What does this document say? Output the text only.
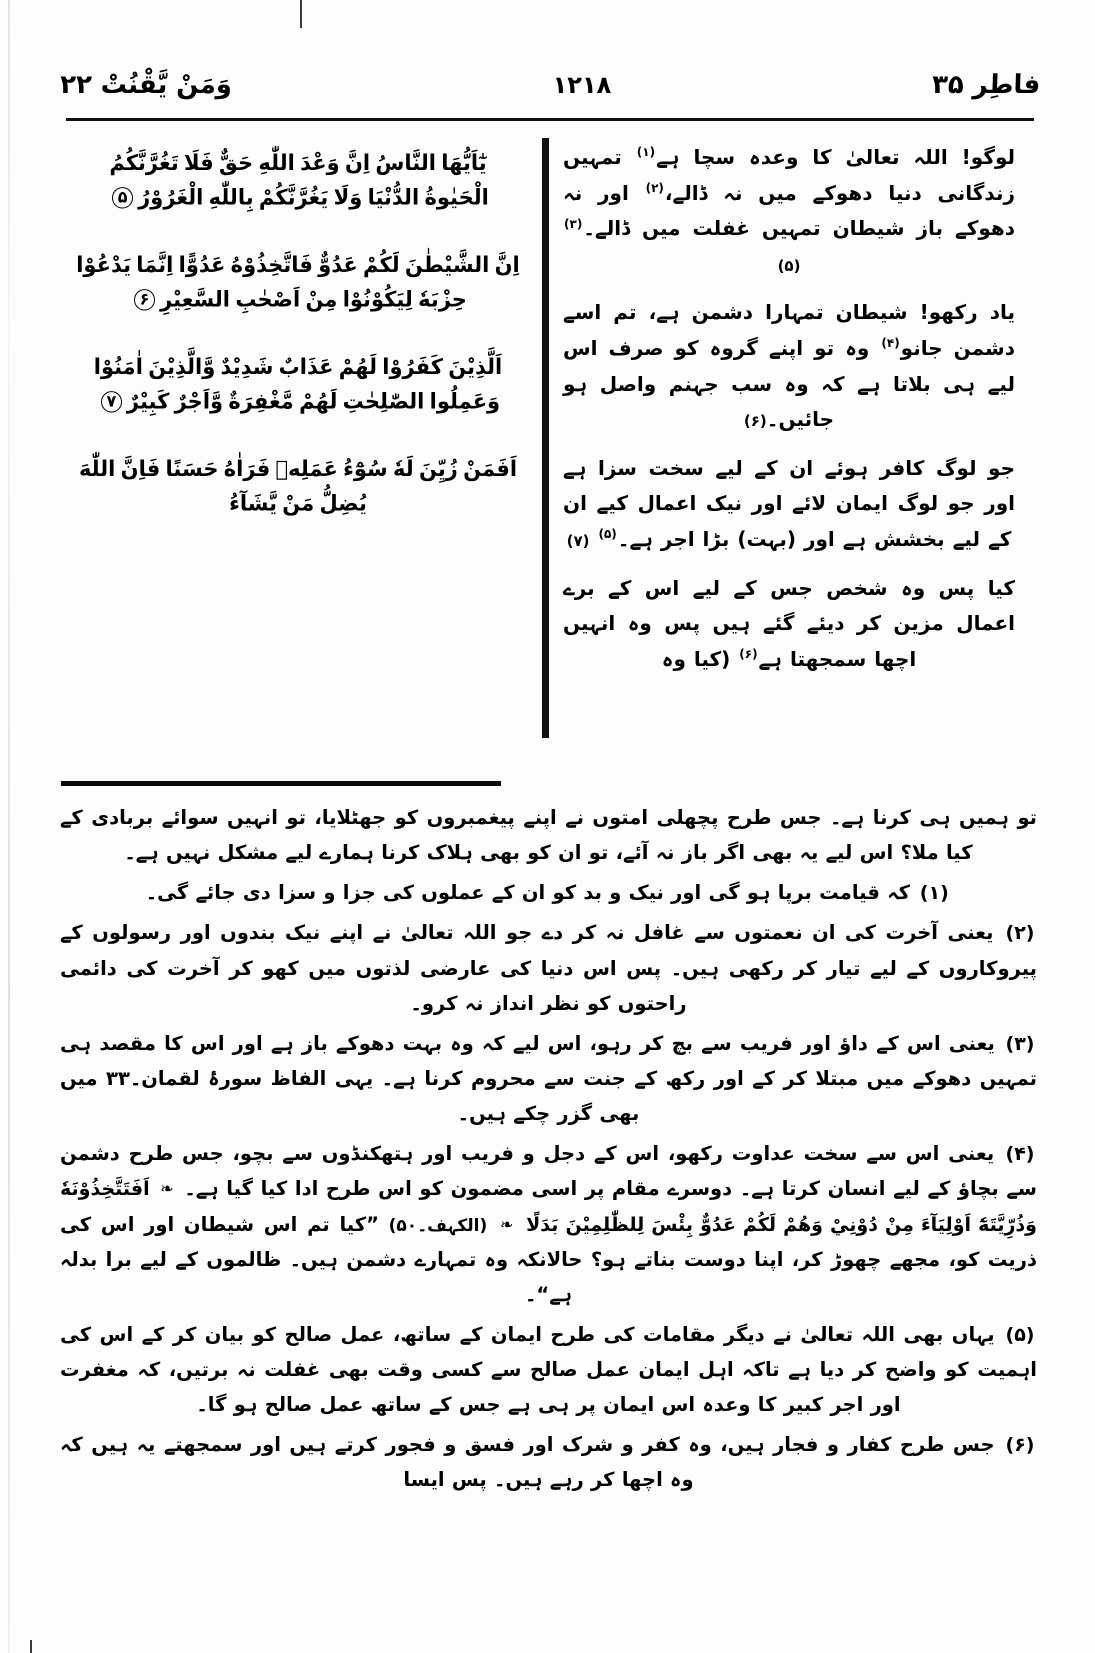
وَمَنْ يَّقْنُتْ ۲۲	۱۲۱۸	فاطِر ۳۵
يٰٓاَيُّهَا النَّاسُ اِنَّ وَعْدَ اللّٰهِ حَقٌّ فَلَا تَغُرَّنَّكُمُ الْحَيٰوةُ الدُّنْيَا وَلَا يَغُرَّنَّكُمْ بِاللّٰهِ الْغَرُوْرُ۵
اِنَّ الشَّيْطٰنَ لَكُمْ عَدُوٌّ فَاتَّخِذُوْهُ عَدُوًّا اِنَّمَا يَدْعُوْا حِزْبَهٗ لِيَكُوْنُوْا مِنْ اَصْحٰبِ السَّعِيْرِ۶
اَلَّذِيْنَ كَفَرُوْا لَهُمْ عَذَابٌ شَدِيْدٌ وَّالَّذِيْنَ اٰمَنُوْا وَعَمِلُوا الصّٰلِحٰتِ لَهُمْ مَّغْفِرَةٌ وَّاَجْرٌ كَبِيْرٌ۷
اَفَمَنْ زُيِّنَ لَهٗ سُوْٓءُ عَمَلِهٖ فَرَاٰهُ حَسَنًا فَاِنَّ اللّٰهَ يُضِلُّ مَنْ يَّشَآءُ
لوگو! اللہ تعالیٰ کا وعدہ سچا ہے$^{(۱)}$ تمہیں زندگانی دنیا دھوکے میں نہ ڈالے،$^{(۲)}$ اور نہ دھوکے باز شیطان تمہیں غفلت میں ڈالے۔$^{(۳)}$ (۵)
یاد رکھو! شیطان تمہارا دشمن ہے، تم اسے دشمن جانو$^{(۴)}$ وہ تو اپنے گروہ کو صرف اس لیے ہی بلاتا ہے کہ وہ سب جہنم واصل ہو جائیں۔(۶)
جو لوگ کافر ہوئے ان کے لیے سخت سزا ہے اور جو لوگ ایمان لائے اور نیک اعمال کیے ان کے لیے بخشش ہے اور (بہت) بڑا اجر ہے۔$^{(۵)}$ (۷)
کیا پس وہ شخص جس کے لیے اس کے برے اعمال مزین کر دیئے گئے ہیں پس وہ انہیں اچھا سمجھتا ہے$^{(۶)}$ (کیا وہ
تو ہمیں ہی کرنا ہے۔ جس طرح پچھلی امتوں نے اپنے پیغمبروں کو جھٹلایا، تو انہیں سوائے بربادی کے کیا ملا؟ اس لیے یہ بھی اگر باز نہ آئے، تو ان کو بھی ہلاک کرنا ہمارے لیے مشکل نہیں ہے۔
(۱) کہ قیامت برپا ہو گی اور نیک و بد کو ان کے عملوں کی جزا و سزا دی جائے گی۔
(۲) یعنی آخرت کی ان نعمتوں سے غافل نہ کر دے جو اللہ تعالیٰ نے اپنے نیک بندوں اور رسولوں کے پیروکاروں کے لیے تیار کر رکھی ہیں۔ پس اس دنیا کی عارضی لذتوں میں کھو کر آخرت کی دائمی راحتوں کو نظر انداز نہ کرو۔
(۳) یعنی اس کے داؤ اور فریب سے بچ کر رہو، اس لیے کہ وہ بہت دھوکے باز ہے اور اس کا مقصد ہی تمہیں دھوکے میں مبتلا کر کے اور رکھ کے جنت سے محروم کرنا ہے۔ یہی الفاظ سورۂ لقمان۔۳۳ میں بھی گزر چکے ہیں۔
(۴) یعنی اس سے سخت عداوت رکھو، اس کے دجل و فریب اور ہتھکنڈوں سے بچو، جس طرح دشمن سے بچاؤ کے لیے انسان کرتا ہے۔ دوسرے مقام پر اسی مضمون کو اس طرح ادا کیا گیا ہے۔ ❧ اَفَتَتَّخِذُوْنَهٗ وَذُرِّيَّتَهٗٓ اَوْلِيَآءَ مِنْ دُوْنِيْ وَهُمْ لَكُمْ عَدُوٌّ بِئْسَ لِلظّٰلِمِيْنَ بَدَلًا ❧ (الکہف۔۵۰) ”کیا تم اس شیطان اور اس کی ذریت کو، مجھے چھوڑ کر، اپنا دوست بناتے ہو؟ حالانکہ وہ تمہارے دشمن ہیں۔ ظالموں کے لیے برا بدلہ ہے“۔
(۵) یہاں بھی اللہ تعالیٰ نے دیگر مقامات کی طرح ایمان کے ساتھ، عمل صالح کو بیان کر کے اس کی اہمیت کو واضح کر دیا ہے تاکہ اہل ایمان عمل صالح سے کسی وقت بھی غفلت نہ برتیں، کہ مغفرت اور اجر کبیر کا وعدہ اس ایمان پر ہی ہے جس کے ساتھ عمل صالح ہو گا۔
(۶) جس طرح کفار و فجار ہیں، وہ کفر و شرک اور فسق و فجور کرتے ہیں اور سمجھتے یہ ہیں کہ وہ اچھا کر رہے ہیں۔ پس ایسا
